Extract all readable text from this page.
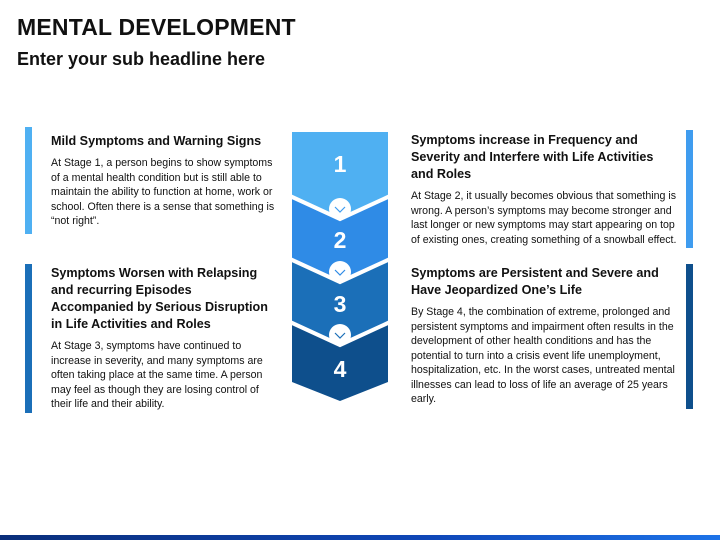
MENTAL DEVELOPMENT
Enter your sub headline here
Mild Symptoms and Warning Signs

At Stage 1, a person begins to show symptoms of a mental health condition but is still able to maintain the ability to function at home, work or school. Often there is a sense that something is “not right”.

Symptoms Worsen with Relapsing and recurring Episodes Accompanied by Serious Disruption in Life Activities and Roles

At Stage 3, symptoms have continued to increase in severity, and many symptoms are often taking place at the same time. A person may feel as though they are losing control of their life and their ability.

Symptoms increase in Frequency and Severity and Interfere with Life Activities and Roles

At Stage 2, it usually becomes obvious that something is wrong. A person’s symptoms may become stronger and last longer or new symptoms may start appearing on top of existing ones, creating something of a snowball effect.

Symptoms are Persistent and Severe and Have Jeopardized One’s Life

By Stage 4, the combination of extreme, prolonged and persistent symptoms and impairment often results in the development of other health conditions and has the potential to turn into a crisis event life unemployment, hospitalization, etc. In the worst cases, untreated mental illnesses can lead to loss of life an average of 25 years early.

1
2
3
4
